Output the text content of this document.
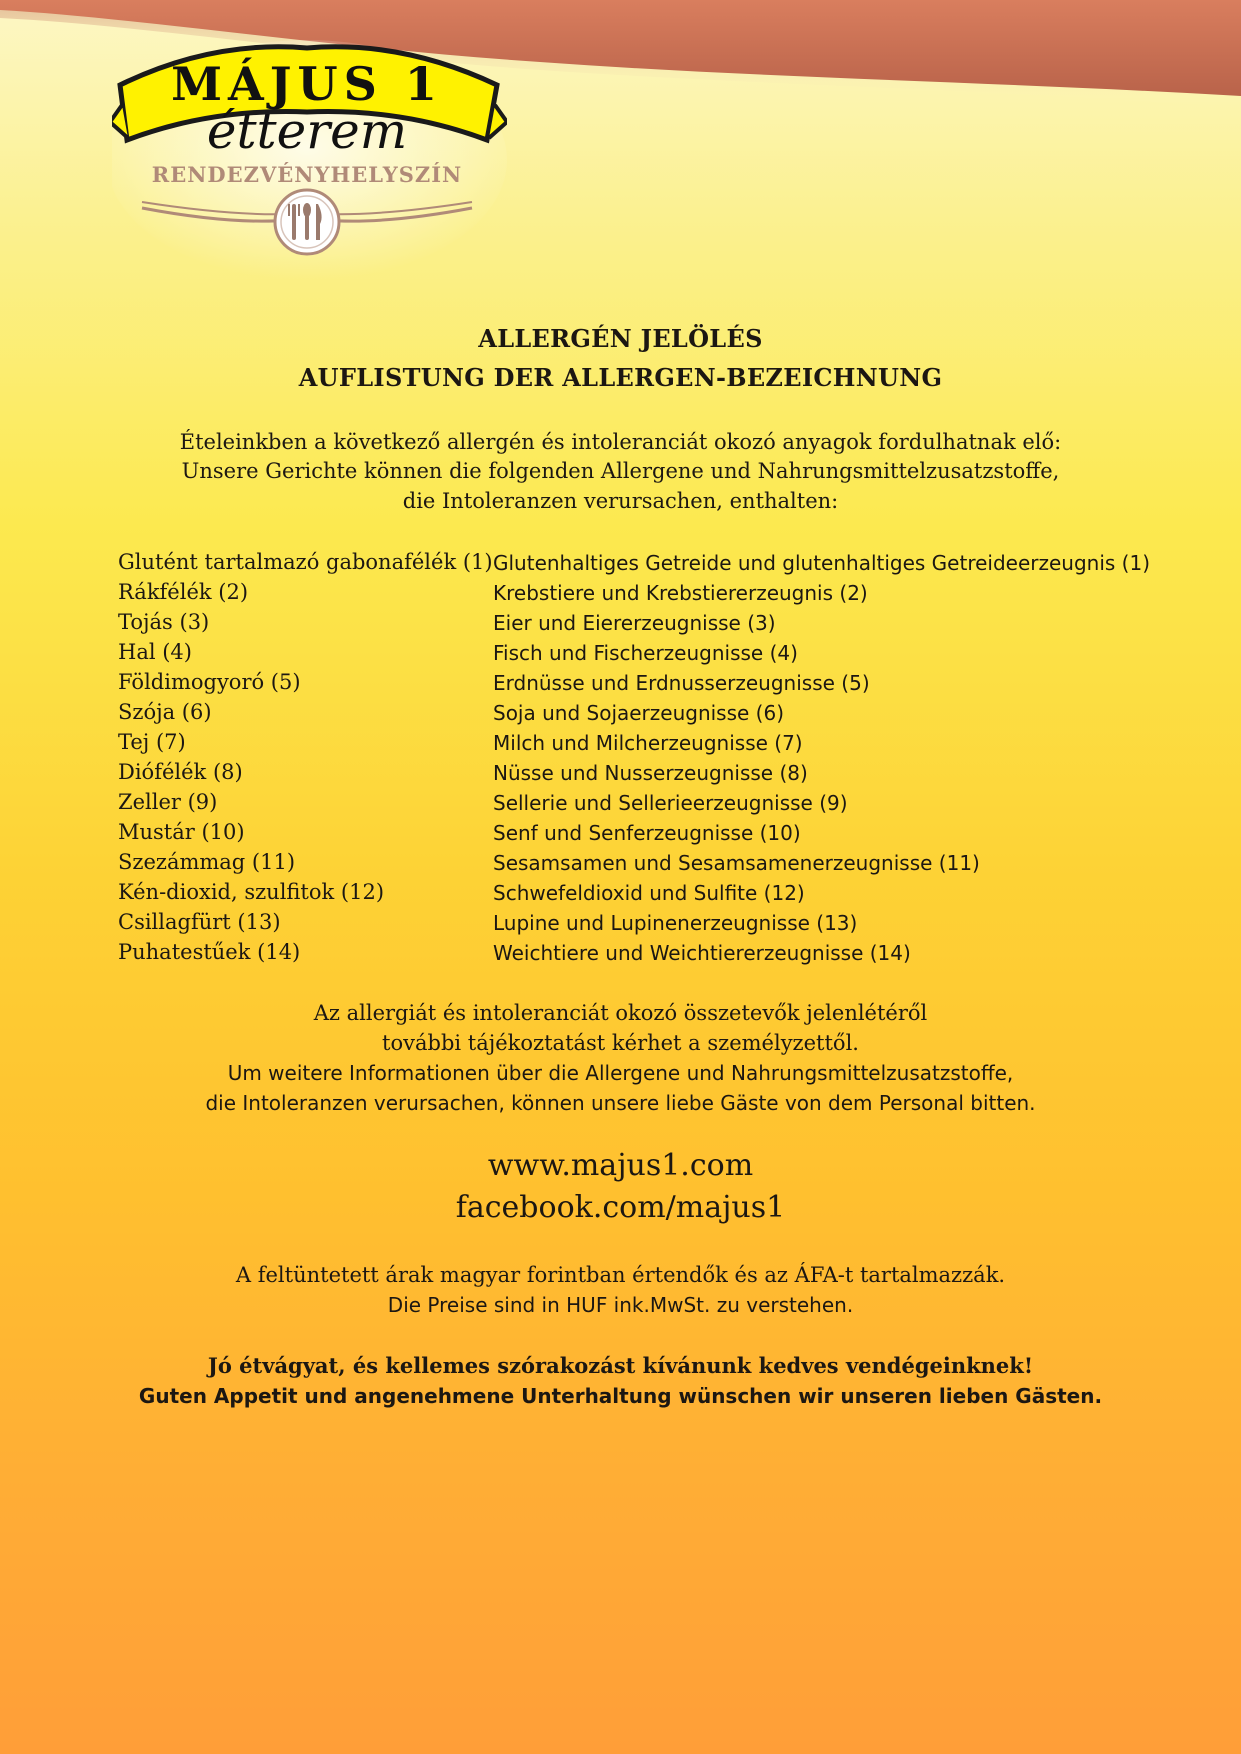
MÁJUS 1
étterem
RENDEZVÉNYHELYSZÍN
ALLERGÉN JELÖLÉS
AUFLISTUNG DER ALLERGEN-BEZEICHNUNG
Ételeinkben a következő allergén és intoleranciát okozó anyagok fordulhatnak elő:
Unsere Gerichte können die folgenden Allergene und Nahrungsmittelzusatzstoffe,
die Intoleranzen verursachen, enthalten:
Glutént tartalmazó gabonafélék (1) Glutenhaltiges Getreide und glutenhaltiges Getreideerzeugnis (1)
Rákfélék (2)	Krebstiere und Krebstiererzeugnis (2)
Tojás (3)	Eier und Eiererzeugnisse (3)
Hal (4)	Fisch und Fischerzeugnisse (4)
Földimogyoró (5)	Erdnüsse und Erdnusserzeugnisse (5)
Szója (6)	Soja und Sojaerzeugnisse (6)
Tej (7)	Milch und Milcherzeugnisse (7)
Diófélék (8)	Nüsse und Nusserzeugnisse (8)
Zeller (9)	Sellerie und Sellerieerzeugnisse (9)
Mustár (10)	Senf und Senferzeugnisse (10)
Szezámmag (11)	Sesamsamen und Sesamsamenerzeugnisse (11)
Kén-dioxid, szulfitok (12)	Schwefeldioxid und Sulfite (12)
Csillagfürt (13)	Lupine und Lupinenerzeugnisse (13)
Puhatestűek (14)	Weichtiere und Weichtiererzeugnisse (14)
Az allergiát és intoleranciát okozó összetevők jelenlétéről
további tájékoztatást kérhet a személyzettől.
Um weitere Informationen über die Allergene und Nahrungsmittelzusatzstoffe,
die Intoleranzen verursachen, können unsere liebe Gäste von dem Personal bitten.
www.majus1.com
facebook.com/majus1
A feltüntetett árak magyar forintban értendők és az ÁFA-t tartalmazzák.
Die Preise sind in HUF ink.MwSt. zu verstehen.
Jó étvágyat, és kellemes szórakozást kívánunk kedves vendégeinknek!
Guten Appetit und angenehmene Unterhaltung wünschen wir unseren lieben Gästen.
